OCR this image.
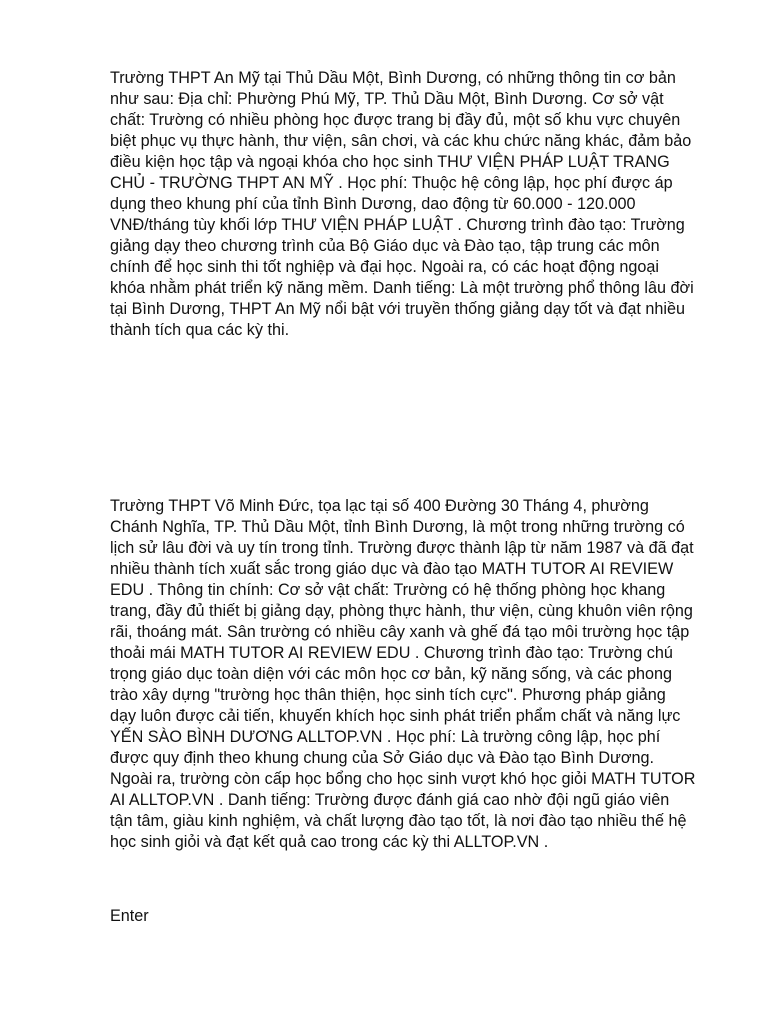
Trường THPT An Mỹ tại Thủ Dầu Một, Bình Dương, có những thông tin cơ bản như sau: Địa chỉ: Phường Phú Mỹ, TP. Thủ Dầu Một, Bình Dương. Cơ sở vật chất: Trường có nhiều phòng học được trang bị đầy đủ, một số khu vực chuyên biệt phục vụ thực hành, thư viện, sân chơi, và các khu chức năng khác, đảm bảo điều kiện học tập và ngoại khóa cho học sinh THƯ VIỆN PHÁP LUẬT TRANG CHỦ - TRƯỜNG THPT AN MỸ . Học phí: Thuộc hệ công lập, học phí được áp dụng theo khung phí của tỉnh Bình Dương, dao động từ 60.000 - 120.000 VNĐ/tháng tùy khối lớp THƯ VIỆN PHÁP LUẬT . Chương trình đào tạo: Trường giảng dạy theo chương trình của Bộ Giáo dục và Đào tạo, tập trung các môn chính để học sinh thi tốt nghiệp và đại học. Ngoài ra, có các hoạt động ngoại khóa nhằm phát triển kỹ năng mềm. Danh tiếng: Là một trường phổ thông lâu đời tại Bình Dương, THPT An Mỹ nổi bật với truyền thống giảng dạy tốt và đạt nhiều thành tích qua các kỳ thi.

Trường THPT Võ Minh Đức, tọa lạc tại số 400 Đường 30 Tháng 4, phường Chánh Nghĩa, TP. Thủ Dầu Một, tỉnh Bình Dương, là một trong những trường có lịch sử lâu đời và uy tín trong tỉnh. Trường được thành lập từ năm 1987 và đã đạt nhiều thành tích xuất sắc trong giáo dục và đào tạo MATH TUTOR AI REVIEW EDU . Thông tin chính: Cơ sở vật chất: Trường có hệ thống phòng học khang trang, đầy đủ thiết bị giảng dạy, phòng thực hành, thư viện, cùng khuôn viên rộng rãi, thoáng mát. Sân trường có nhiều cây xanh và ghế đá tạo môi trường học tập thoải mái MATH TUTOR AI REVIEW EDU . Chương trình đào tạo: Trường chú trọng giáo dục toàn diện với các môn học cơ bản, kỹ năng sống, và các phong trào xây dựng "trường học thân thiện, học sinh tích cực". Phương pháp giảng dạy luôn được cải tiến, khuyến khích học sinh phát triển phẩm chất và năng lực YẾN SÀO BÌNH DƯƠNG ALLTOP.VN . Học phí: Là trường công lập, học phí được quy định theo khung chung của Sở Giáo dục và Đào tạo Bình Dương. Ngoài ra, trường còn cấp học bổng cho học sinh vượt khó học giỏi MATH TUTOR AI ALLTOP.VN . Danh tiếng: Trường được đánh giá cao nhờ đội ngũ giáo viên tận tâm, giàu kinh nghiệm, và chất lượng đào tạo tốt, là nơi đào tạo nhiều thế hệ học sinh giỏi và đạt kết quả cao trong các kỳ thi ALLTOP.VN .

Enter
